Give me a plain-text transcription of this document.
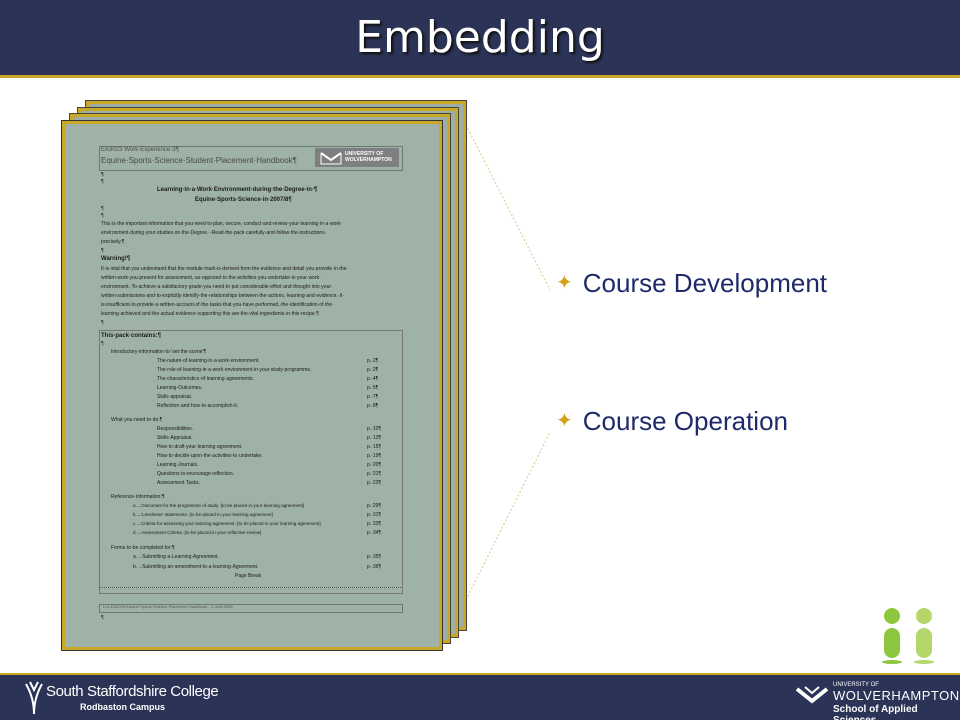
Embedding
EA3023·Work·Experience·3¶
Equine·Sports·Science·Student·Placement·Handbook¶
UNIVERSITY OF
WOLVERHAMPTON
¶
¶
Learning·in·a·Work·Environment·during·the·Degree·in·¶
Equine·Sports·Science·in·2007/8¶
¶
¶
This·is·the·important·information·that·you·need·to·plan,·secure,·conduct·and·review·your·learning·in·a·work·
environment·during·your·studies·on·the·Degree.··Read·the·pack·carefully·and·follow·the·instructions·
precisely.¶
¶
Warning!¶
It·is·vital·that·you·understand·that·the·module·mark·is·derived·from·the·evidence·and·detail·you·provide·in·the·
written·work·you·present·for·assessment,·as·opposed·to·the·activities·you·undertake·in·your·work·
environment.·To·achieve·a·satisfactory·grade·you·need·to·put·considerable·effort·and·thought·into·your·
written·submissions·and·to·explicitly·identify·the·relationships·between·the·actions,·learning·and·evidence.·It·
is·insufficient·to·provide·a·written·account·of·the·tasks·that·you·have·performed,·the·identification·of·the·
learning·achieved·and·the·actual·evidence·supporting·this·are·the·vital·ingredients·in·this·recipe.¶
¶
This·pack·contains:¶
¶
Introductory·information·to·'set·the·scene'¶
The·nature·of·learning·in·a·work·environment.	p.·2¶
The·role·of·learning·in·a·work·environment·in·your·study·programme.	p.·2¶
The·characteristics·of·learning·agreements.	p.·4¶
Learning·Outcomes.	p.·5¶
Skills·appraisal.	p.·7¶
Reflection·and·how·to·accomplish·it.	p.·8¶
What·you·need·to·do:¶
Responsibilities.	p.·10¶
Skills·Appraisal.	p.·13¶
How·to·draft·your·learning·agreement.	p.·15¶
How·to·decide·upon·the·activities·to·undertake.	p.·19¶
Learning·Journals.	p.·20¶
Questions·to·encourage·reflection.	p.·21¶
Assessment·Tasks.	p.·23¶
Reference·information:¶
a.→Outcomes·for·the·programme·of·study.·[to·be·placed·in·your·learning·agreement]	p.·29¶
b.→'Levelness'·statements.·[to·be·placed·in·your·learning·agreement]	p.·31¶
c.→Criteria·for·assessing·your·learning·agreement.·[to·be·placed·in·your·learning·agreement]	p.·33¶
d.→Assessment·Criteria.·[to·be·placed·in·your·reflective·review]	p.·34¶
Forms·to·be·completed·for:¶
a.→Submitting·a·Learning·Agreement.	p.·35¶
b.→Submitting·an·amendment·to·a·learning·Agreement.	p.·36¶
Page Break
U-6-EA3023·Equine·Sports·Science·Placement·Handbook·-·1-JUN-2008
¶
✦ Course Development
✦ Course Operation
South Staffordshire College
Rodbaston Campus
UNIVERSITY OF
WOLVERHAMPTON
School of Applied Sciences
